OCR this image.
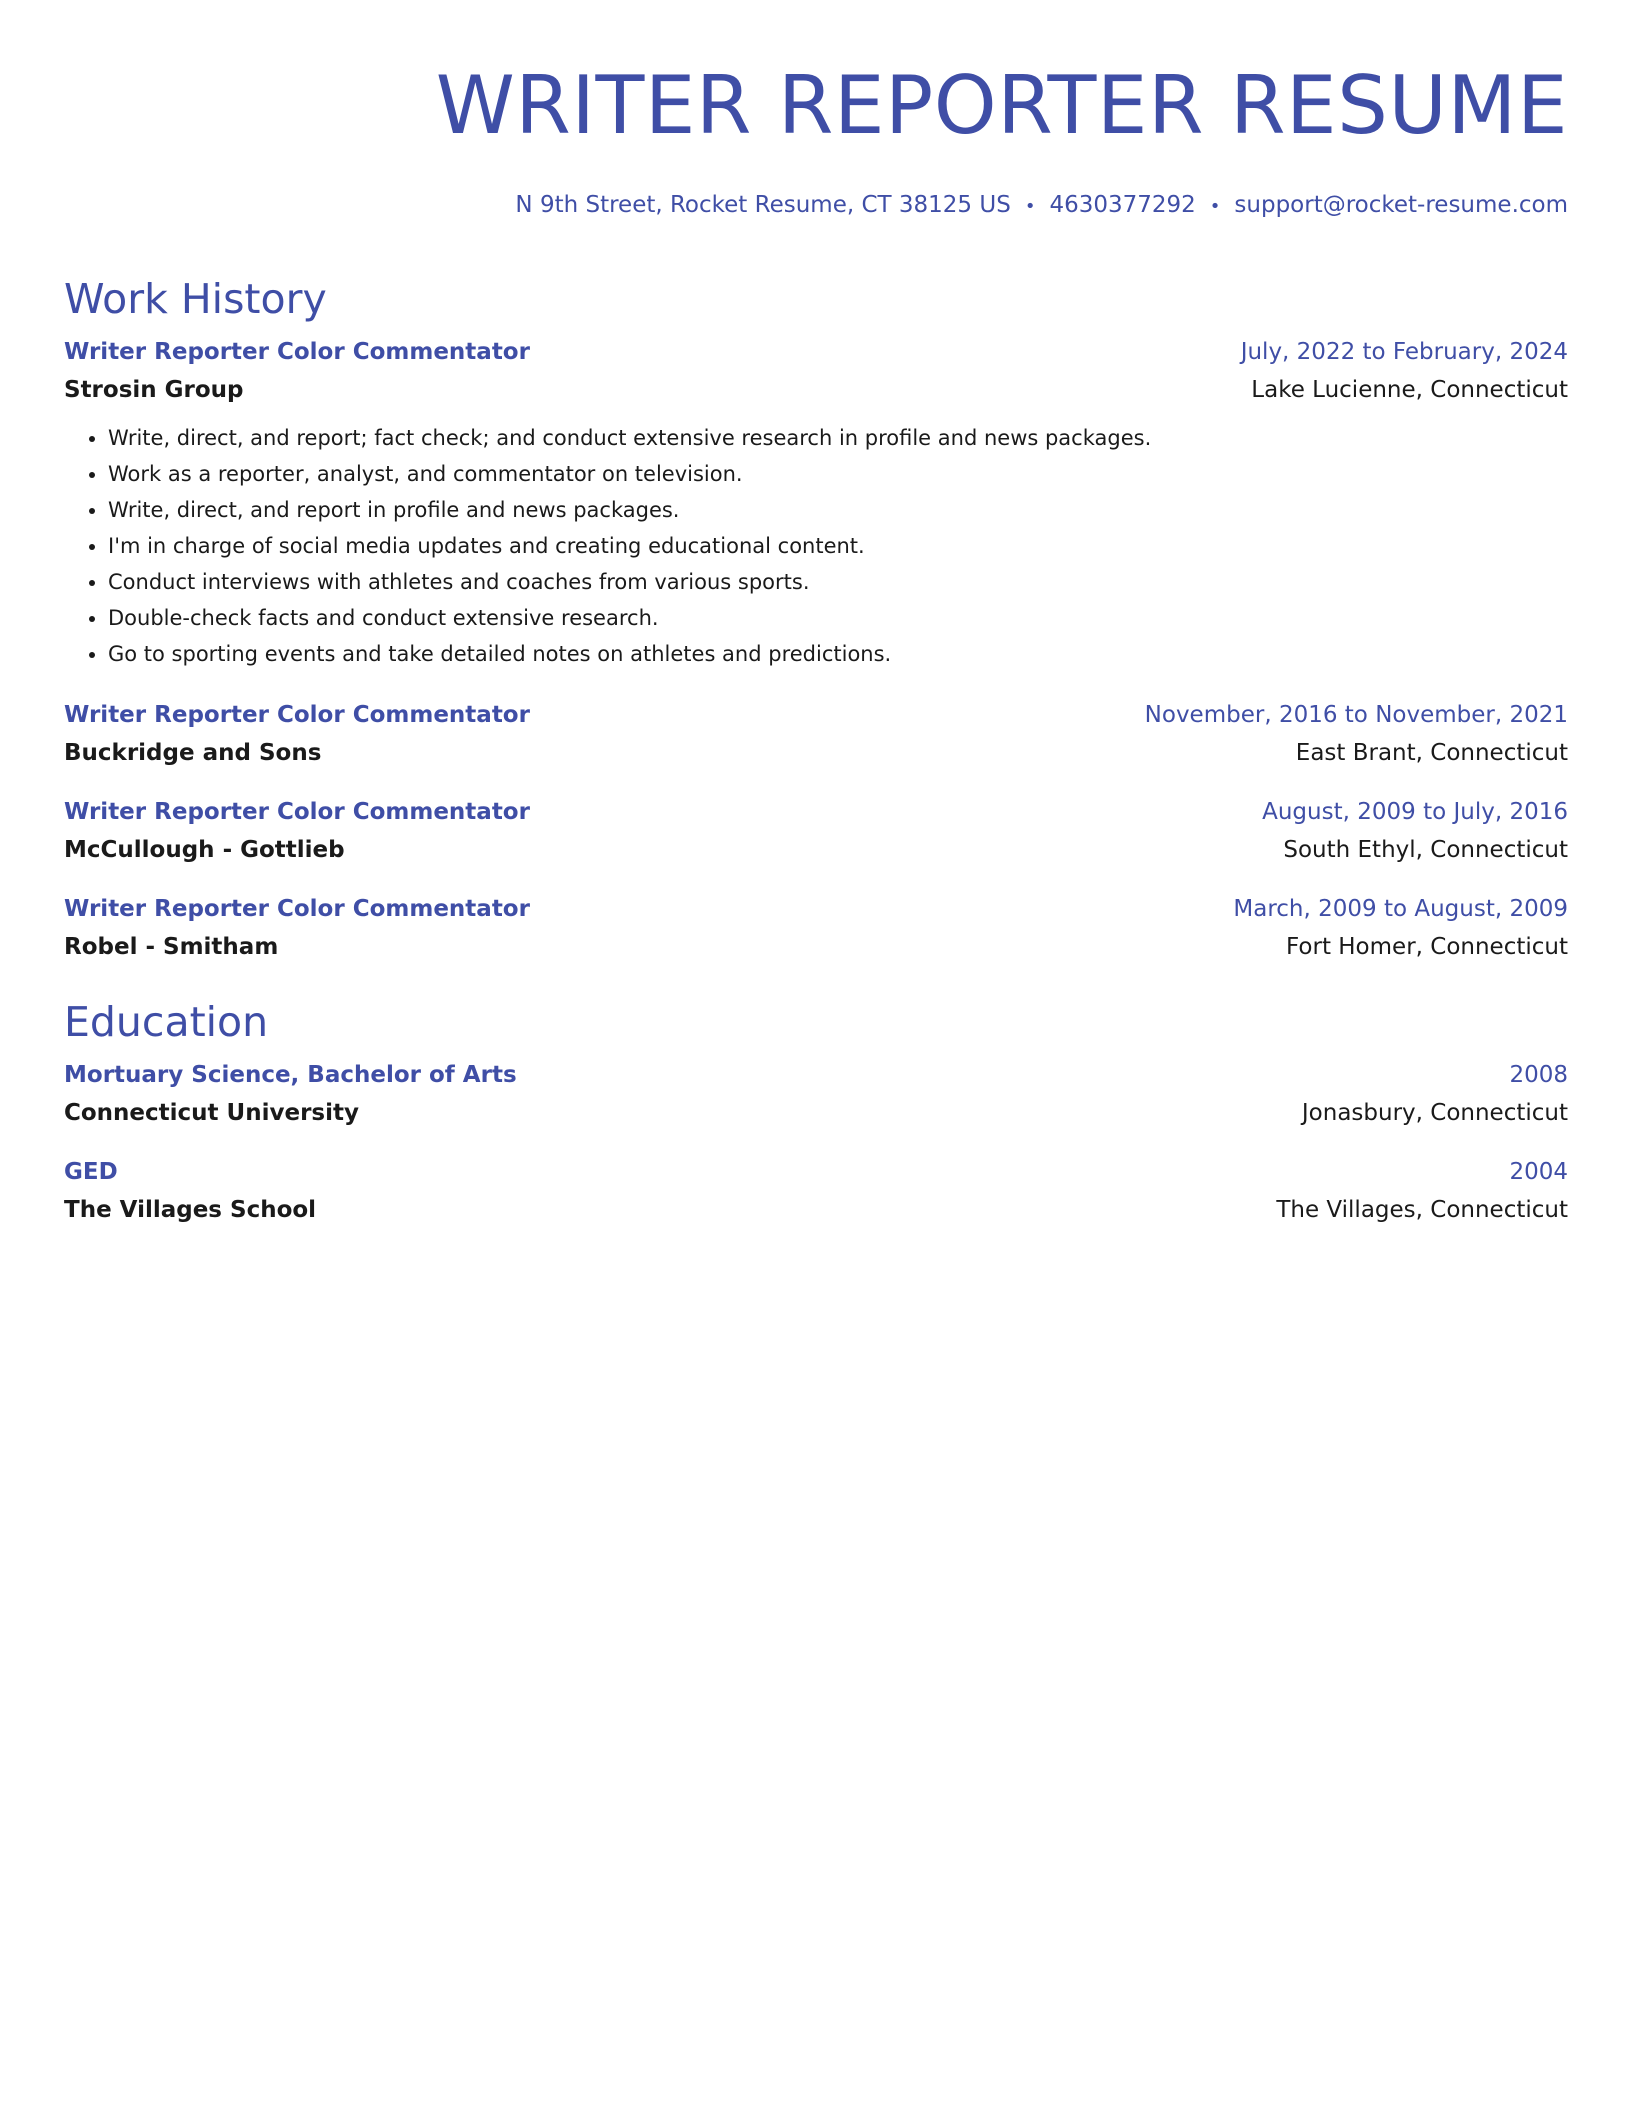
WRITER REPORTER RESUME
N 9th Street, Rocket Resume, CT 38125 US • 4630377292 • support@rocket-resume.com
Work History
Writer Reporter Color Commentator	July, 2022 to February, 2024
Strosin Group	Lake Lucienne, Connecticut
• Write, direct, and report; fact check; and conduct extensive research in profile and news packages.
• Work as a reporter, analyst, and commentator on television.
• Write, direct, and report in profile and news packages.
• I'm in charge of social media updates and creating educational content.
• Conduct interviews with athletes and coaches from various sports.
• Double-check facts and conduct extensive research.
• Go to sporting events and take detailed notes on athletes and predictions.
Writer Reporter Color Commentator	November, 2016 to November, 2021
Buckridge and Sons	East Brant, Connecticut
Writer Reporter Color Commentator	August, 2009 to July, 2016
McCullough - Gottlieb	South Ethyl, Connecticut
Writer Reporter Color Commentator	March, 2009 to August, 2009
Robel - Smitham	Fort Homer, Connecticut
Education
Mortuary Science, Bachelor of Arts	2008
Connecticut University	Jonasbury, Connecticut
GED	2004
The Villages School	The Villages, Connecticut
